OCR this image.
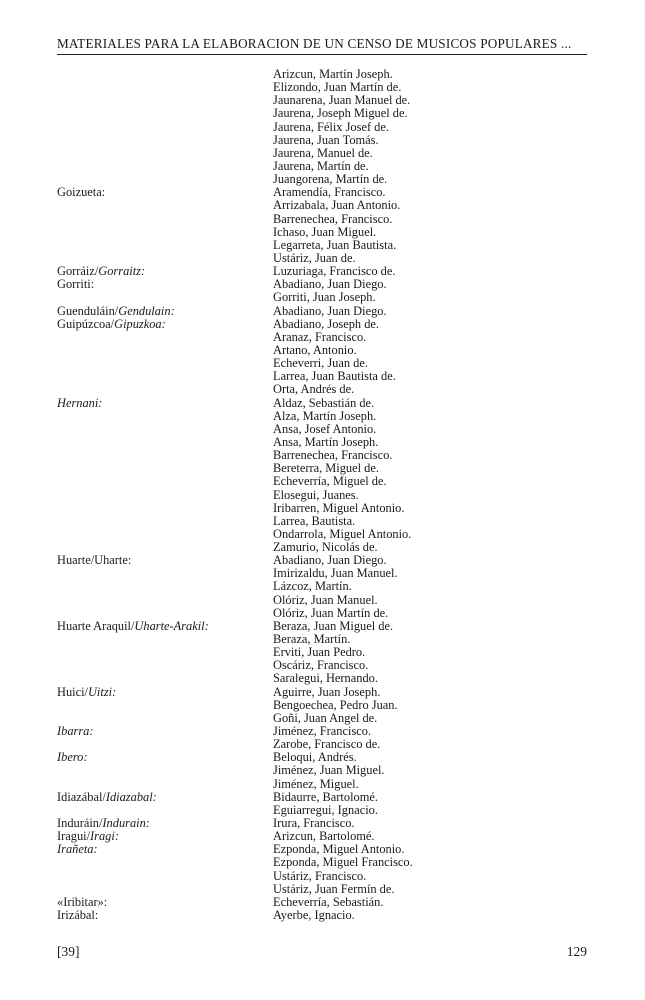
MATERIALES PARA LA ELABORACION DE UN CENSO DE MUSICOS POPULARES ...
Arizcun, Martín Joseph.
Elizondo, Juan Martín de.
Jaunarena, Juan Manuel de.
Jaurena, Joseph Miguel de.
Jaurena, Félix Josef de.
Jaurena, Juan Tomás.
Jaurena, Manuel de.
Jaurena, Martín de.
Juangorena, Martín de.
Goizueta:	Aramendía, Francisco.
Arrizabala, Juan Antonio.
Barrenechea, Francisco.
Ichaso, Juan Miguel.
Legarreta, Juan Bautista.
Ustáriz, Juan de.
Gorráiz/Gorraitz:	Luzuriaga, Francisco de.
Gorriti:	Abadiano, Juan Diego.
Gorriti, Juan Joseph.
Guenduláin/Gendulain:	Abadiano, Juan Diego.
Guipúzcoa/Gipuzkoa:	Abadiano, Joseph de.
Aranaz, Francisco.
Artano, Antonio.
Echeverri, Juan de.
Larrea, Juan Bautista de.
Orta, Andrés de.
Hernani:	Aldaz, Sebastián de.
Alza, Martín Joseph.
Ansa, Josef Antonio.
Ansa, Martín Joseph.
Barrenechea, Francisco.
Bereterra, Miguel de.
Echeverría, Miguel de.
Elosegui, Juanes.
Iribarren, Miguel Antonio.
Larrea, Bautista.
Ondarrola, Miguel Antonio.
Zamurio, Nicolás de.
Huarte/Uharte:	Abadiano, Juan Diego.
Imirizaldu, Juan Manuel.
Lázcoz, Martín.
Olóriz, Juan Manuel.
Olóriz, Juan Martín de.
Huarte Araquil/Uharte-Arakil:	Beraza, Juan Miguel de.
Beraza, Martín.
Erviti, Juan Pedro.
Oscáriz, Francisco.
Saralegui, Hernando.
Huici/Uitzi:	Aguirre, Juan Joseph.
Bengoechea, Pedro Juan.
Goñi, Juan Angel de.
Ibarra:	Jiménez, Francisco.
Zarobe, Francisco de.
Ibero:	Beloqui, Andrés.
Jiménez, Juan Miguel.
Jiménez, Miguel.
Idiazábal/Idiazabal:	Bidaurre, Bartolomé.
Eguiarregui, Ignacio.
Induráin/Indurain:	Irura, Francisco.
Iragui/Iragi:	Arizcun, Bartolomé.
Irañeta:	Ezponda, Miguel Antonio.
Ezponda, Miguel Francisco.
Ustáriz, Francisco.
Ustáriz, Juan Fermín de.
«Iribitar»:	Echeverría, Sebastián.
Irizábal:	Ayerbe, Ignacio.
[39]	129
